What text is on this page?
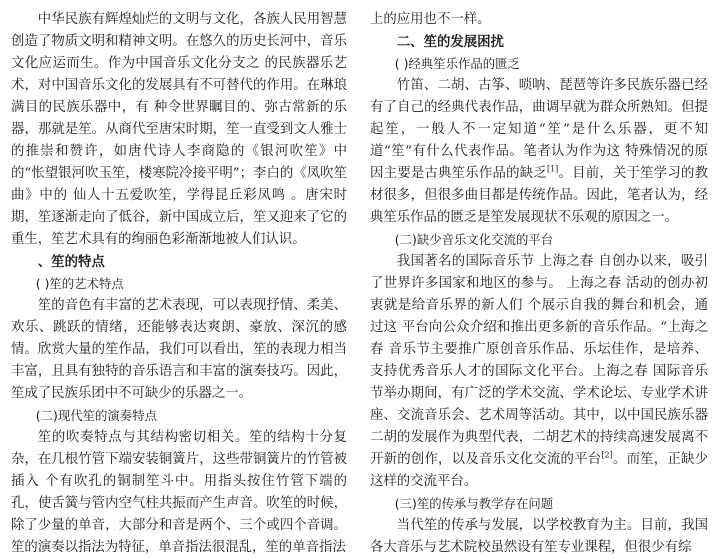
中华民族有辉煌灿烂的文明与文化，各族人民用智慧创造了物质文明和精神文明。在悠久的历史长河中，音乐文化应运而生。作为中国音乐文化分支之 的民族器乐艺术，对中国音乐文化的发展具有不可替代的作用。在琳琅满目的民族乐器中，有 种令世界瞩目的、弥古常新的乐器，那就是笙。从商代至唐宋时期，笙一直受到文人雅士的推崇和赞许，如唐代诗人李商隐的《银河吹笙》中的“怅望银河吹玉笙，楼寒院冷接平明”；李白的《凤吹笙曲》中的 仙人十五爱吹笙，学得昆丘彩凤鸣 。唐宋时期，笙逐渐走向了低谷，新中国成立后，笙又迎来了它的重生，笙艺术具有的绚丽色彩渐渐地被人们认识。

、笙的特点

( )笙的艺术特点

笙的音色有丰富的艺术表现，可以表现抒情、柔美、欢乐、跳跃的情绪，还能够表达爽朗、豪放、深沉的感情。欣赏大量的笙作品，我们可以看出，笙的表现力相当丰富，且具有独特的音乐语言和丰富的演奏技巧。因此，笙成了民族乐团中不可缺少的乐器之一。

(二)现代笙的演奏特点

笙的吹奏特点与其结构密切相关。笙的结构十分复杂，在几根竹管下端安装铜簧片，这些带铜簧片的竹管被插入 个有吹孔的铜制笙斗中。用指头按住竹管下端的孔，使舌簧与管内空气柱共振而产生声音。吹笙的时候，除了少量的单音，大部分和音是两个、三个或四个音调。笙的演奏以指法为特征，单音指法很混乱，笙的单音指法

上的应用也不一样。

二、笙的发展困扰

( )经典笙乐作品的匮乏

竹笛、二胡、古筝、唢呐、琵琶等许多民族乐器已经有了自己的经典代表作品，曲调早就为群众所熟知。但提起笙，一般人不一定知道“笙”是什么乐器，更不知道“笙”有什么代表作品。笔者认为作为这 特殊情况的原因主要是古典笙乐作品的缺乏[1]。目前，关于笙学习的教材很多，但很多曲目都是传统作品。因此，笔者认为，经典笙乐作品的匮乏是笙发展现状不乐观的原因之一。

(二)缺少音乐文化交流的平台

我国著名的国际音乐节 上海之春 自创办以来，吸引了世界许多国家和地区的参与。 上海之春 活动的创办初衷就是给音乐界的新人们 个展示自我的舞台和机会，通过这 平台向公众介绍和推出更多新的音乐作品。“上海之春 音乐节主要推广原创音乐作品、乐坛佳作，是培养、支持优秀音乐人才的国际文化平台。上海之春 国际音乐节举办期间，有广泛的学术交流、学术论坛、专业学术讲座、交流音乐会、艺术周等活动。其中，以中国民族乐器二胡的发展作为典型代表，二胡艺术的持续高速发展离不开新的创作，以及音乐文化交流的平台[2]。而笙，正缺少这样的交流平台。

(三)笙的传承与教学存在问题

当代笙的传承与发展，以学校教育为主。目前，我国各大音乐与艺术院校虽然设有笙专业课程，但很少有综
